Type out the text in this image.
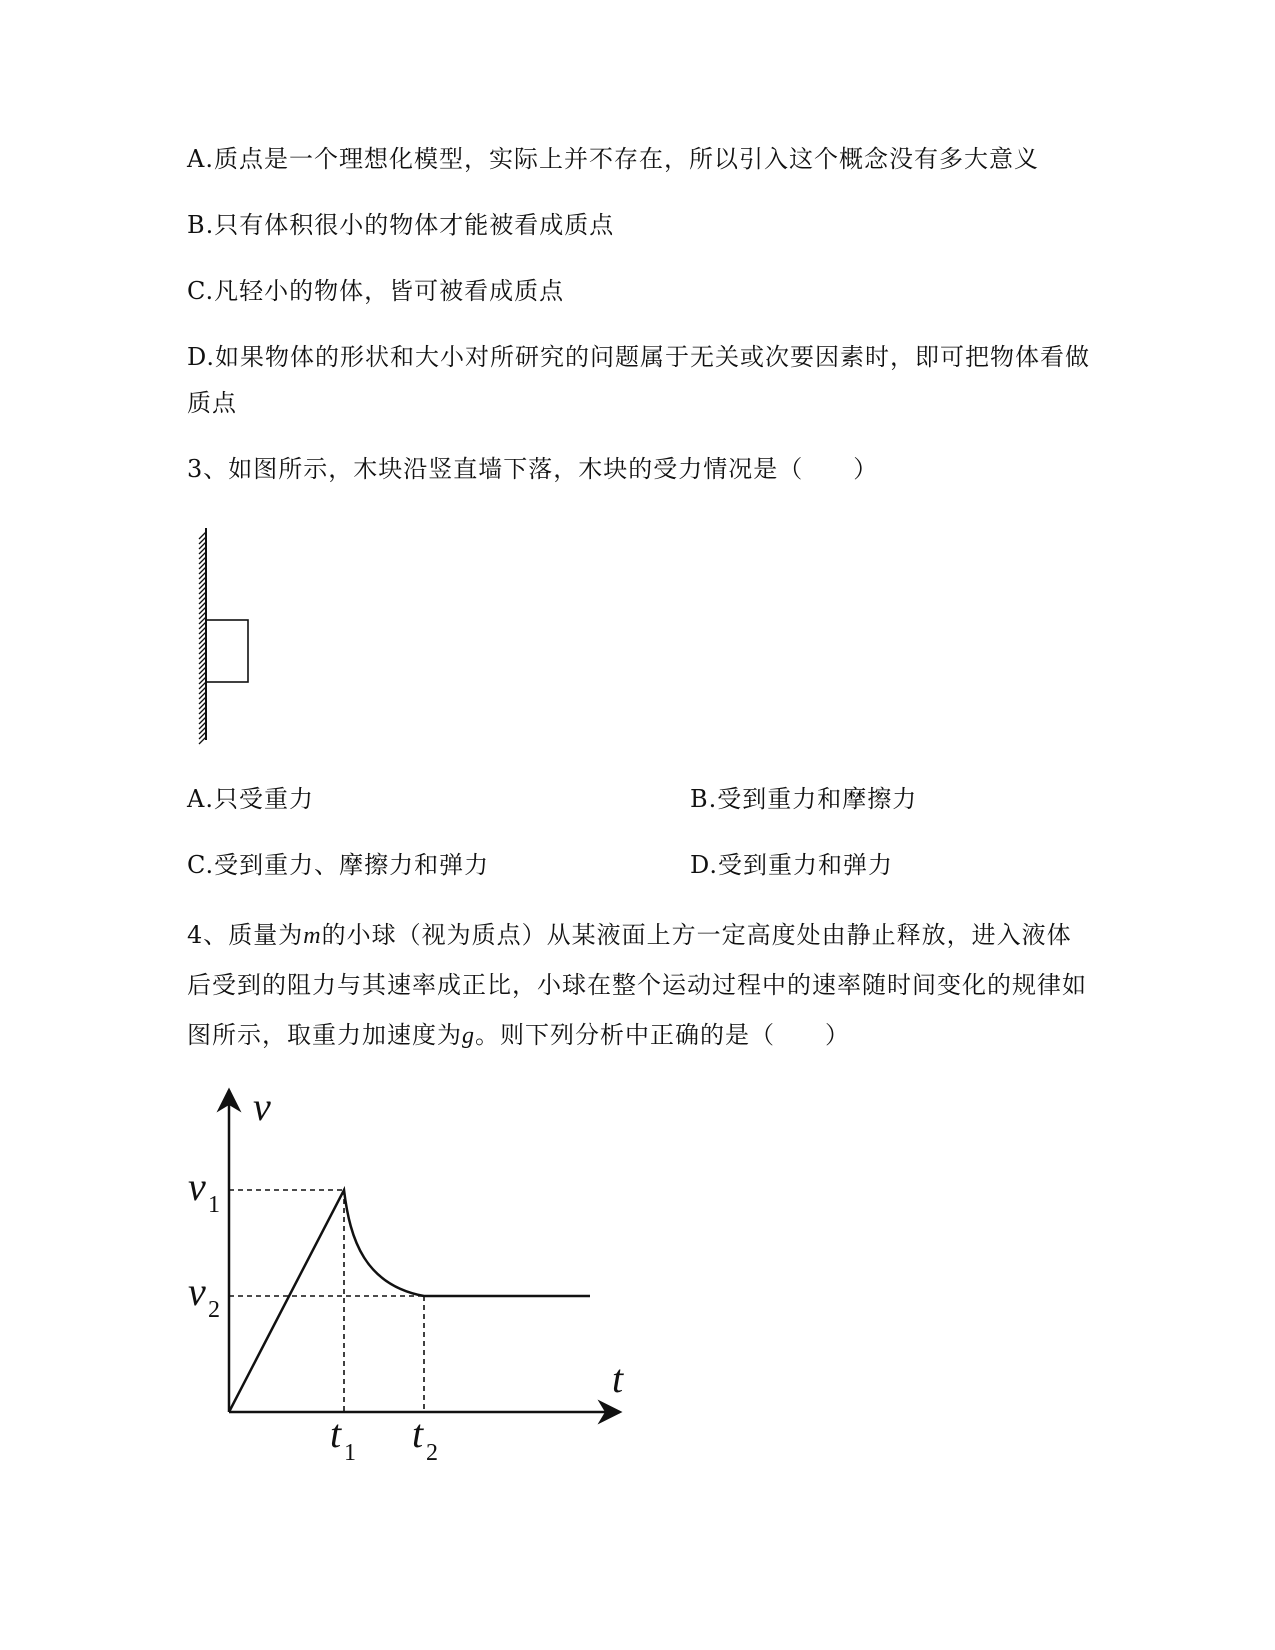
A.质点是一个理想化模型，实际上并不存在，所以引入这个概念没有多大意义
B.只有体积很小的物体才能被看成质点
C.凡轻小的物体，皆可被看成质点
D.如果物体的形状和大小对所研究的问题属于无关或次要因素时，即可把物体看做
质点
3、如图所示，木块沿竖直墙下落，木块的受力情况是（　　）
A.只受重力	B.受到重力和摩擦力
C.受到重力、摩擦力和弹力	D.受到重力和弹力
4、质量为m的小球（视为质点）从某液面上方一定高度处由静止释放，进入液体
后受到的阻力与其速率成正比，小球在整个运动过程中的速率随时间变化的规律如
图所示，取重力加速度为g。则下列分析中正确的是（　　）
v
t
v 1
v 2
t 1 t 2
